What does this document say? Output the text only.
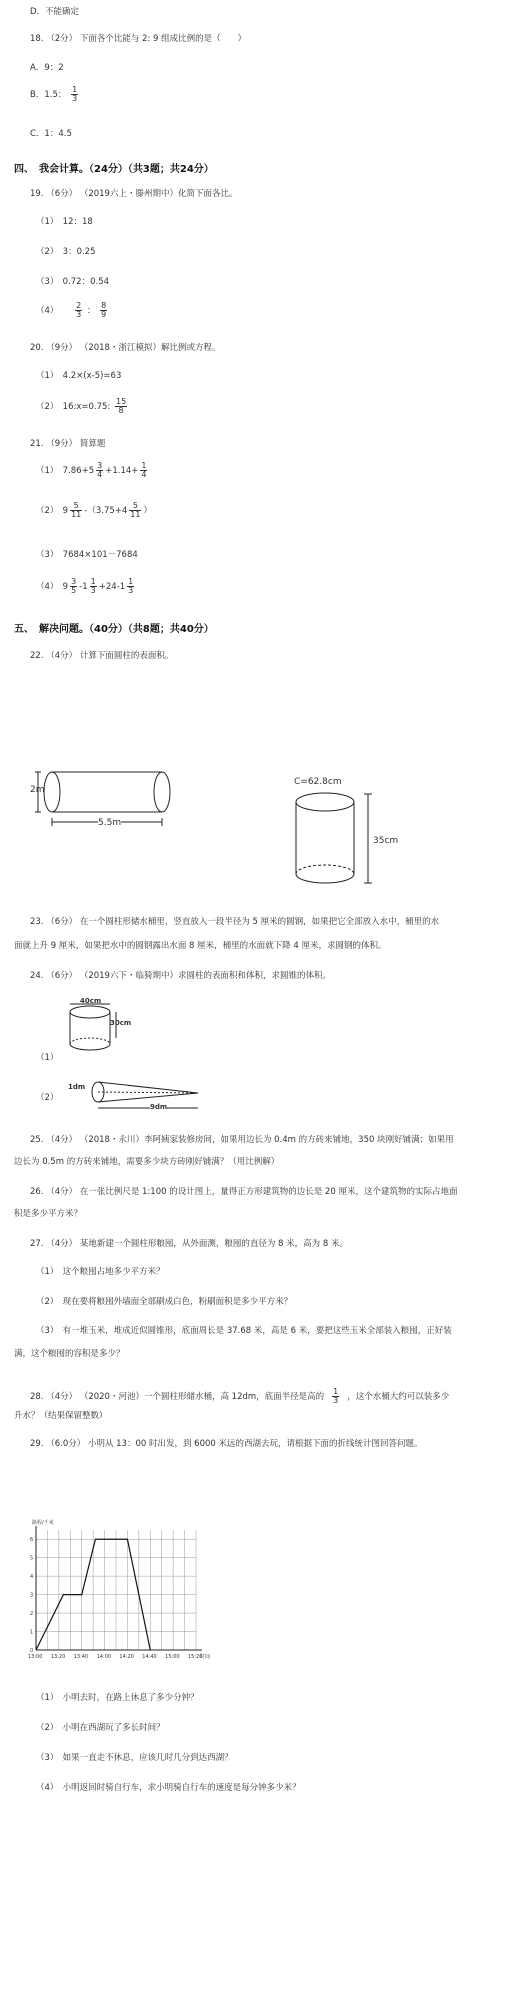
D．不能确定
18. （2分） 下面各个比能与 2: 9 组成比例的是（　　）
A．9：2
B．1.5： $\frac{1}{3}$
C．1：4.5
四、　我会计算。（24分）（共3题；共24分）
19. （6分） （2019六上・滕州期中）化简下面各比。
（1）　12：18
（2）　3：0.25
（3）　0.72：0.54
$(4) \frac{2}{3}$ ： $\frac{8}{9}$
20. （9分） （2018・浙江模拟）解比例或方程。
（1）　4.2×(x-5)=63
（2）　16:x=0.75: $\frac{15}{8}$
21. （9分） 简算题
（1）　$7.86+5 \frac{3}{4} +1.14+ \frac{1}{4}$
（2）　$9 \frac{5}{11} -(3.75+4 \frac{5}{11}$ ）
（3）　7684×101－7684
（4）　$9 \frac{3}{5} -1 \frac{1}{3} +24-1 \frac{1}{3}$
五、　解决问题。（40分）（共8题；共40分）
22. （4分） 计算下面圆柱的表面积。
2m
5.5m
C=62.8cm
35cm
23. （6分） 在一个圆柱形储水桶里，竖直放入一段半径为 5 厘米的圆钢，如果把它全部放入水中，桶里的水
面就上升 9 厘米，如果把水中的圆钢露出水面 8 厘米，桶里的水面就下降 4 厘米，求圆钢的体积。
24. （6分） （2019六下・临猗期中）求圆柱的表面积和体积，求圆锥的体积。
40cm
30cm
（1）
1dm
9dm
（2）
25. （4分） （2018・永川）李阿姨家装修房间，如果用边长为 0.4m 的方砖来铺地，350 块刚好铺满；如果用
边长为 0.5m 的方砖来铺地，需要多少块方砖刚好铺满？（用比例解）
26. （4分） 在一张比例尺是 1:100 的设计图上，量得正方形建筑物的边长是 20 厘米，这个建筑物的实际占地面
积是多少平方米？
27. （4分） 某地新建一个圆柱形粮囤，从外面测，粮囤的直径为 8 米，高为 8 米。
（1）　这个粮囤占地多少平方米？
（2）　现在要将粮囤外墙面全部刷成白色，粉刷面积是多少平方米？
（3）　有一堆玉米，堆成近似圆锥形，底面周长是 37.68 米，高是 6 米，要把这些玉米全部装入粮囤，正好装
满，这个粮囤的容积是多少？
28. （4分） （2020・河池）一个圆柱形储水桶，高 12dm，底面半径是高的 $\frac{1}{3}$ ，这个水桶大约可以装多少
升水？（结果保留整数）
29. （6.0分） 小明从 13：00 时出发，到 6000 米远的西湖去玩，请根据下面的折线统计图回答问题。
路程/千米
0
1
2
3
4
5
6
13:00 13:20 13:40 14:00 14:20 14:40 15:00 15:20
时间
（1）　小明去时，在路上休息了多少分钟？
（2）　小明在西湖玩了多长时间？
（3）　如果一直走不休息，应该几时几分到达西湖？
（4）　小明返回时骑自行车，求小明骑自行车的速度是每分钟多少米？
